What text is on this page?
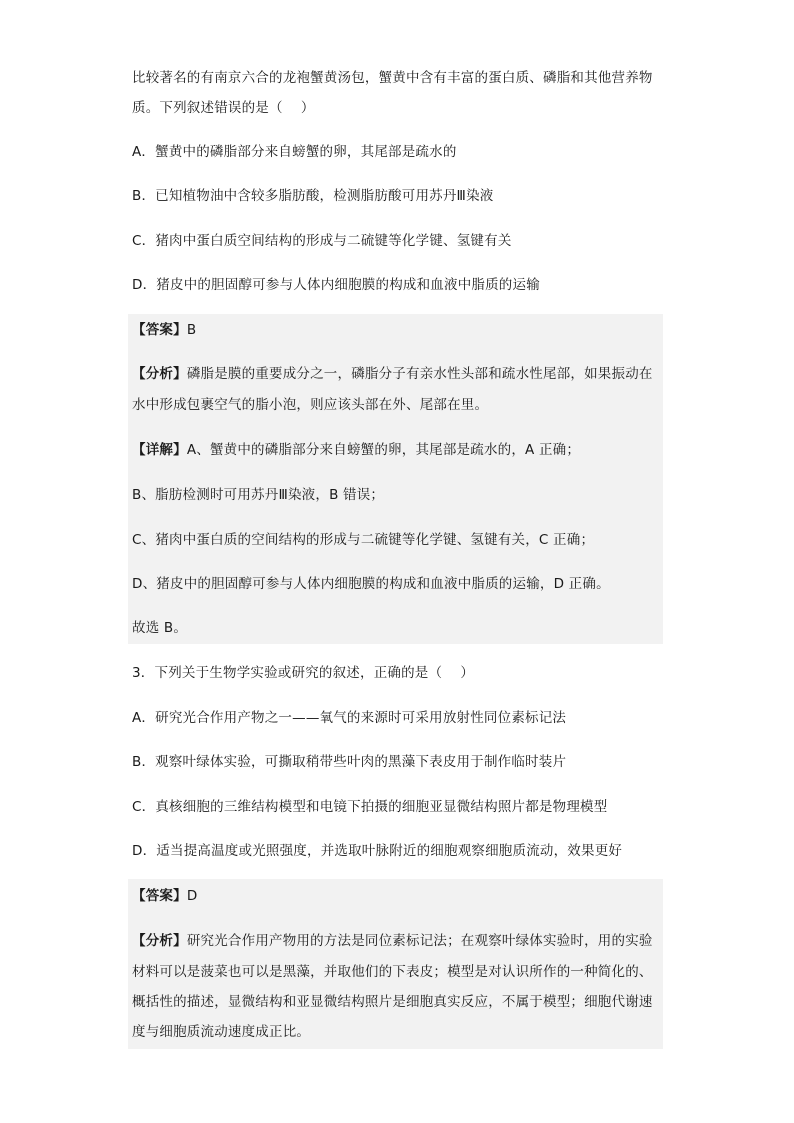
比较著名的有南京六合的龙袍蟹黄汤包，蟹黄中含有丰富的蛋白质、磷脂和其他营养物
质。下列叙述错误的是（　 ）
A．蟹黄中的磷脂部分来自螃蟹的卵，其尾部是疏水的
B．已知植物油中含较多脂肪酸，检测脂肪酸可用苏丹Ⅲ染液
C．猪肉中蛋白质空间结构的形成与二硫键等化学键、氢键有关
D．猪皮中的胆固醇可参与人体内细胞膜的构成和血液中脂质的运输
【答案】B
【分析】磷脂是膜的重要成分之一，磷脂分子有亲水性头部和疏水性尾部，如果振动在
水中形成包裹空气的脂小泡，则应该头部在外、尾部在里。
【详解】A、蟹黄中的磷脂部分来自螃蟹的卵，其尾部是疏水的，A 正确；
B、脂肪检测时可用苏丹Ⅲ染液，B 错误；
C、猪肉中蛋白质的空间结构的形成与二硫键等化学键、氢键有关，C 正确；
D、猪皮中的胆固醇可参与人体内细胞膜的构成和血液中脂质的运输，D 正确。
故选 B。
3．下列关于生物学实验或研究的叙述，正确的是（　 ）
A．研究光合作用产物之一——氧气的来源时可采用放射性同位素标记法
B．观察叶绿体实验，可撕取稍带些叶肉的黑藻下表皮用于制作临时装片
C．真核细胞的三维结构模型和电镜下拍摄的细胞亚显微结构照片都是物理模型
D．适当提高温度或光照强度，并选取叶脉附近的细胞观察细胞质流动，效果更好
【答案】D
【分析】研究光合作用产物用的方法是同位素标记法；在观察叶绿体实验时，用的实验
材料可以是菠菜也可以是黑藻，并取他们的下表皮；模型是对认识所作的一种简化的、
概括性的描述，显微结构和亚显微结构照片是细胞真实反应，不属于模型；细胞代谢速
度与细胞质流动速度成正比。
